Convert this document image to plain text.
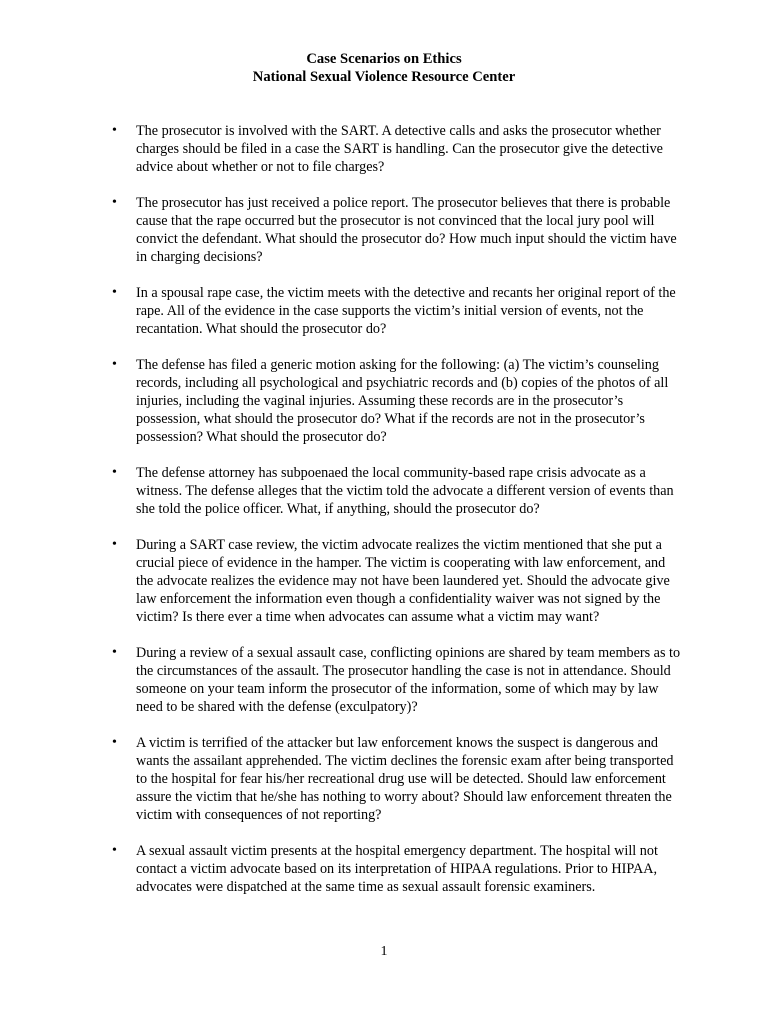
Case Scenarios on Ethics
National Sexual Violence Resource Center
• The prosecutor is involved with the SART. A detective calls and asks the prosecutor whether charges should be filed in a case the SART is handling. Can the prosecutor give the detective advice about whether or not to file charges?
• The prosecutor has just received a police report. The prosecutor believes that there is probable cause that the rape occurred but the prosecutor is not convinced that the local jury pool will convict the defendant. What should the prosecutor do? How much input should the victim have in charging decisions?
• In a spousal rape case, the victim meets with the detective and recants her original report of the rape. All of the evidence in the case supports the victim’s initial version of events, not the recantation. What should the prosecutor do?
• The defense has filed a generic motion asking for the following: (a) The victim’s counseling records, including all psychological and psychiatric records and (b) copies of the photos of all injuries, including the vaginal injuries. Assuming these records are in the prosecutor’s possession, what should the prosecutor do? What if the records are not in the prosecutor’s possession? What should the prosecutor do?
• The defense attorney has subpoenaed the local community-based rape crisis advocate as a witness. The defense alleges that the victim told the advocate a different version of events than she told the police officer. What, if anything, should the prosecutor do?
• During a SART case review, the victim advocate realizes the victim mentioned that she put a crucial piece of evidence in the hamper. The victim is cooperating with law enforcement, and the advocate realizes the evidence may not have been laundered yet. Should the advocate give law enforcement the information even though a confidentiality waiver was not signed by the victim? Is there ever a time when advocates can assume what a victim may want?
• During a review of a sexual assault case, conflicting opinions are shared by team members as to the circumstances of the assault. The prosecutor handling the case is not in attendance. Should someone on your team inform the prosecutor of the information, some of which may by law need to be shared with the defense (exculpatory)?
• A victim is terrified of the attacker but law enforcement knows the suspect is dangerous and wants the assailant apprehended. The victim declines the forensic exam after being transported to the hospital for fear his/her recreational drug use will be detected. Should law enforcement assure the victim that he/she has nothing to worry about? Should law enforcement threaten the victim with consequences of not reporting?
• A sexual assault victim presents at the hospital emergency department. The hospital will not contact a victim advocate based on its interpretation of HIPAA regulations. Prior to HIPAA, advocates were dispatched at the same time as sexual assault forensic examiners.
1
